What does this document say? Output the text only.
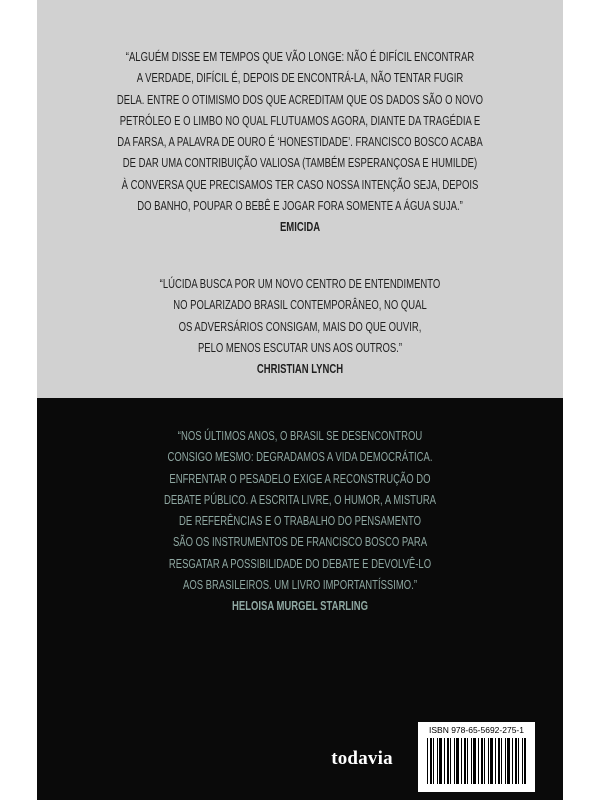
“ALGUÉM DISSE EM TEMPOS QUE VÃO LONGE: NÃO É DIFÍCIL ENCONTRAR
A VERDADE, DIFÍCIL É, DEPOIS DE ENCONTRÁ-LA, NÃO TENTAR FUGIR
DELA. ENTRE O OTIMISMO DOS QUE ACREDITAM QUE OS DADOS SÃO O NOVO
PETRÓLEO E O LIMBO NO QUAL FLUTUAMOS AGORA, DIANTE DA TRAGÉDIA E
DA FARSA, A PALAVRA DE OURO É ‘HONESTIDADE’. FRANCISCO BOSCO ACABA
DE DAR UMA CONTRIBUIÇÃO VALIOSA (TAMBÉM ESPERANÇOSA E HUMILDE)
À CONVERSA QUE PRECISAMOS TER CASO NOSSA INTENÇÃO SEJA, DEPOIS
DO BANHO, POUPAR O BEBÊ E JOGAR FORA SOMENTE A ÁGUA SUJA.”
EMICIDA
“LÚCIDA BUSCA POR UM NOVO CENTRO DE ENTENDIMENTO
NO POLARIZADO BRASIL CONTEMPORÂNEO, NO QUAL
OS ADVERSÁRIOS CONSIGAM, MAIS DO QUE OUVIR,
PELO MENOS ESCUTAR UNS AOS OUTROS.”
CHRISTIAN LYNCH
“NOS ÚLTIMOS ANOS, O BRASIL SE DESENCONTROU
CONSIGO MESMO: DEGRADAMOS A VIDA DEMOCRÁTICA.
ENFRENTAR O PESADELO EXIGE A RECONSTRUÇÃO DO
DEBATE PÚBLICO. A ESCRITA LIVRE, O HUMOR, A MISTURA
DE REFERÊNCIAS E O TRABALHO DO PENSAMENTO
SÃO OS INSTRUMENTOS DE FRANCISCO BOSCO PARA
RESGATAR A POSSIBILIDADE DO DEBATE E DEVOLVÊ-LO
AOS BRASILEIROS. UM LIVRO IMPORTANTÍSSIMO.”
HELOISA MURGEL STARLING
todavia
ISBN 978-65-5692-275-1
